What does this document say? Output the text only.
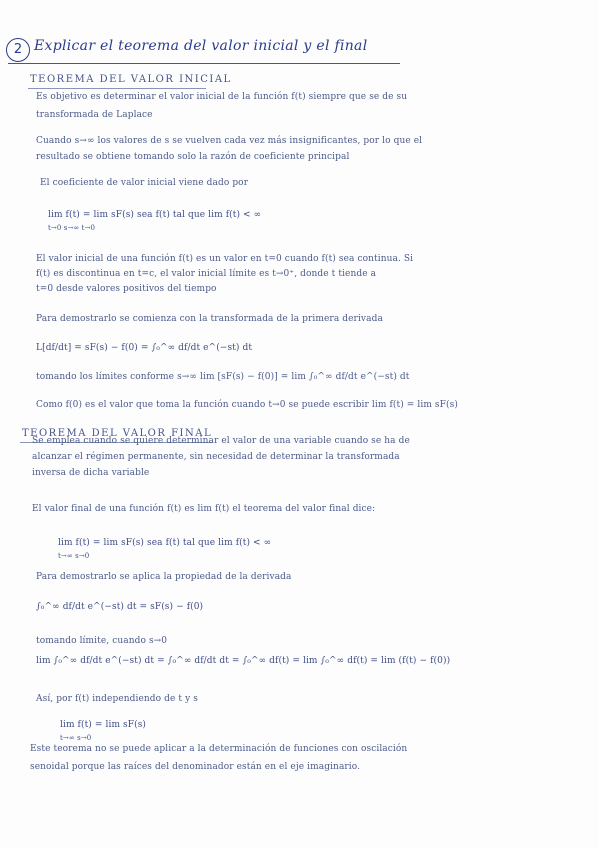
2 Explicar el teorema del valor inicial y el final
TEOREMA DEL VALOR INICIAL
Es objetivo es determinar el valor inicial de la función f(t) siempre que se de su
transformada de Laplace
Cuando s→∞ los valores de s se vuelven cada vez más insignificantes, por lo que el
resultado se obtiene tomando solo la razón de coeficiente principal
El coeficiente de valor inicial viene dado por
lim f(t) = lim sF(s) sea f(t) tal que lim f(t) < ∞
t→0 s→∞ t→0
El valor inicial de una función f(t) es un valor en t=0 cuando f(t) sea continua. Si
f(t) es discontinua en t=c, el valor inicial límite es t→0⁺, donde t tiende a
t=0 desde valores positivos del tiempo
Para demostrarlo se comienza con la transformada de la primera derivada
L[df/dt] = sF(s) − f(0) = ∫₀^∞ df/dt e^(−st) dt
tomando los límites conforme s→∞ lim [sF(s) − f(0)] = lim ∫₀^∞ df/dt e^(−st) dt
Como f(0) es el valor que toma la función cuando t→0 se puede escribir lim f(t) = lim sF(s)
TEOREMA DEL VALOR FINAL
Se emplea cuando se quiere determinar el valor de una variable cuando se ha de
alcanzar el régimen permanente, sin necesidad de determinar la transformada
inversa de dicha variable
El valor final de una función f(t) es lim f(t) el teorema del valor final dice:
lim f(t) = lim sF(s) sea f(t) tal que lim f(t) < ∞
t→∞ s→0
Para demostrarlo se aplica la propiedad de la derivada
∫₀^∞ df/dt e^(−st) dt = sF(s) − f(0)
tomando límite, cuando s→0
lim ∫₀^∞ df/dt e^(−st) dt = ∫₀^∞ df/dt dt = ∫₀^∞ df(t) = lim ∫₀^∞ df(t) = lim (f(t) − f(0))
Así, por f(t) independiendo de t y s
lim f(t) = lim sF(s)
t→∞ s→0
Este teorema no se puede aplicar a la determinación de funciones con oscilación
senoidal porque las raíces del denominador están en el eje imaginario.
